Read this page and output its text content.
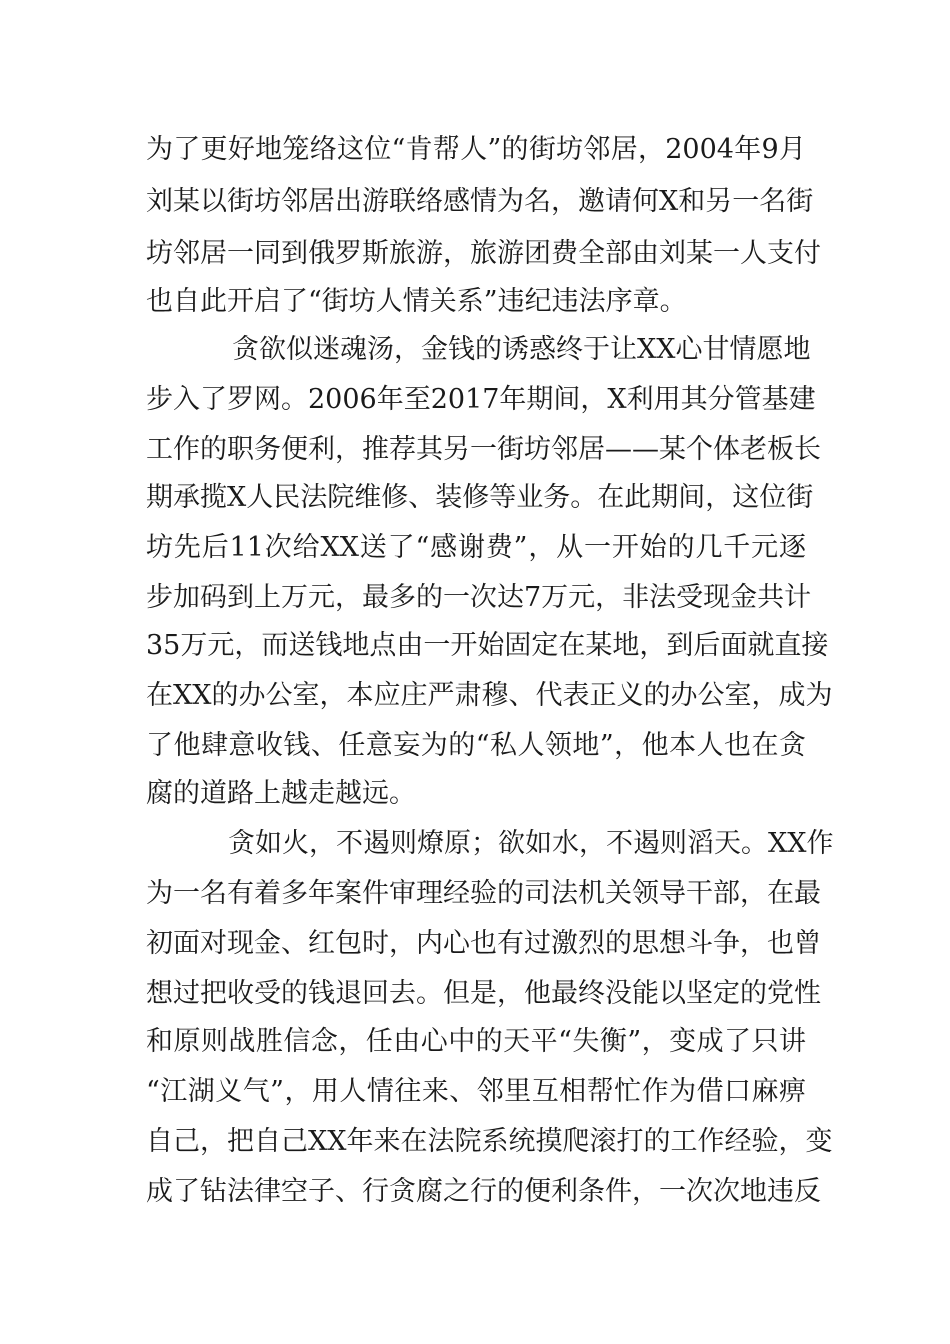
为了更好地笼络这位“肯帮人”的街坊邻居，2004年9月
刘某以街坊邻居出游联络感情为名，邀请何X和另一名街
坊邻居一同到俄罗斯旅游，旅游团费全部由刘某一人支付
也自此开启了“街坊人情关系”违纪违法序章。
贪欲似迷魂汤，金钱的诱惑终于让XX心甘情愿地
步入了罗网。2006年至2017年期间，X利用其分管基建
工作的职务便利，推荐其另一街坊邻居——某个体老板长
期承揽X人民法院维修、装修等业务。在此期间，这位街
坊先后11次给XX送了“感谢费”，从一开始的几千元逐
步加码到上万元，最多的一次达7万元，非法受现金共计
35万元，而送钱地点由一开始固定在某地，到后面就直接
在XX的办公室，本应庄严肃穆、代表正义的办公室，成为
了他肆意收钱、任意妄为的“私人领地”，他本人也在贪
腐的道路上越走越远。
贪如火，不遏则燎原；欲如水，不遏则滔天。XX作
为一名有着多年案件审理经验的司法机关领导干部，在最
初面对现金、红包时，内心也有过激烈的思想斗争，也曾
想过把收受的钱退回去。但是，他最终没能以坚定的党性
和原则战胜信念，任由心中的天平“失衡”，变成了只讲
“江湖义气”，用人情往来、邻里互相帮忙作为借口麻痹
自己，把自己XX年来在法院系统摸爬滚打的工作经验，变
成了钻法律空子、行贪腐之行的便利条件，一次次地违反
